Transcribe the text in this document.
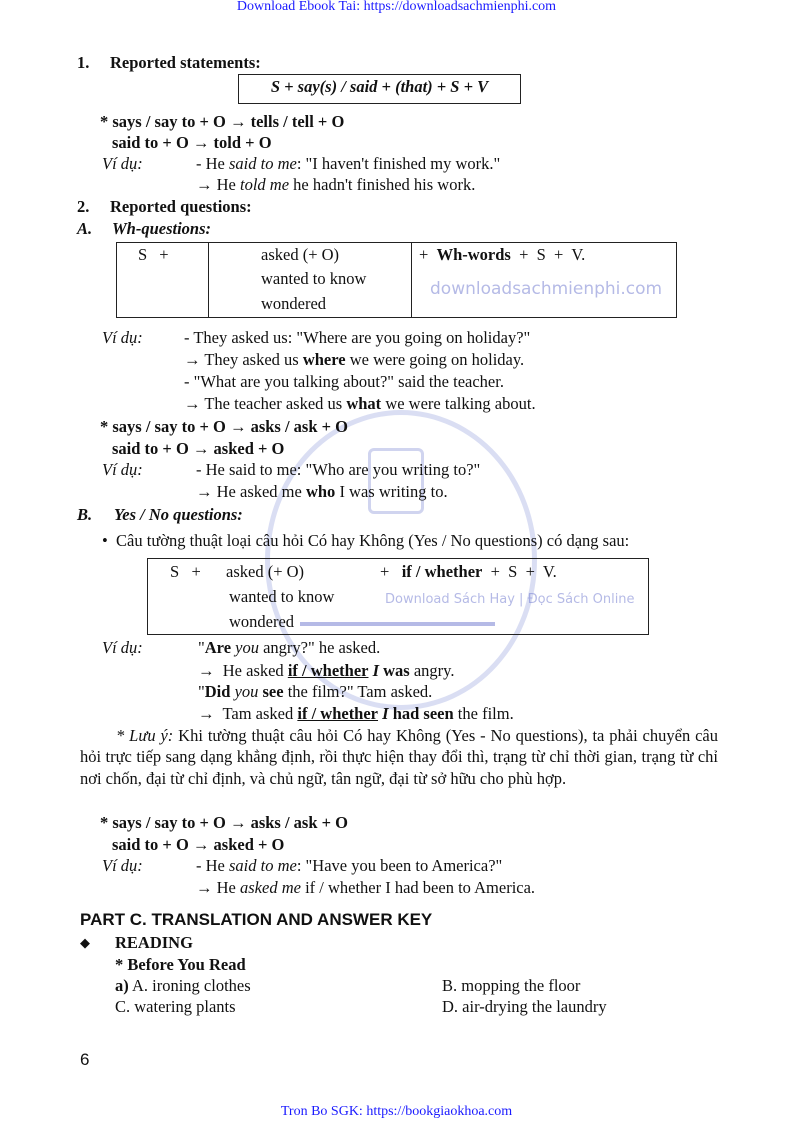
downloadsachmienphi.com
Download Sách Hay | Đọc Sách Online
Download Ebook Tai: https://downloadsachmienphi.com
1. Reported statements:
S + say(s) / said + (that) + S + V
* says / say to + O → tells / tell + O
said to + O → told + O
Ví dụ:	- He said to me: "I haven't finished my work."
→ He told me he hadn't finished his work.
2. Reported questions:
A. Wh-questions:
S +	asked (+ O)
wanted to know
wondered
+  Wh-words  +  S  +  V.
Ví dụ: - They asked us: "Where are you going on holiday?"
→ They asked us where we were going on holiday.
- "What are you talking about?" said the teacher.
→ The teacher asked us what we were talking about.
* says / say to + O → asks / ask + O
said to + O → asked + O
Ví dụ:	- He said to me: "Who are you writing to?"
→ He asked me who I was writing to.
B. Yes / No questions:
•  Câu tường thuật loại câu hỏi Có hay Không (Yes / No questions) có dạng sau:
S   + asked (+ O)
wanted to know
wondered
+   if / whether  +  S  +  V.
Ví dụ:	"Are you angry?" he asked.
→  He asked if / whether I was angry.
"Did you see the film?" Tam asked.
→  Tam asked if / whether I had seen the film.
* Lưu ý: Khi tường thuật câu hỏi Có hay Không (Yes - No questions), ta phải chuyển câu hỏi trực tiếp sang dạng khẳng định, rồi thực hiện thay đổi thì, trạng từ chỉ thời gian, trạng từ chỉ nơi chốn, đại từ chỉ định, và chủ ngữ, tân ngữ, đại từ sở hữu cho phù hợp.
* says / say to + O → asks / ask + O
said to + O → asked + O
Ví dụ:	- He said to me: "Have you been to America?"
→ He asked me if / whether I had been to America.
PART C. TRANSLATION AND ANSWER KEY
◆ READING
* Before You Read
a) A. ironing clothes	B. mopping the floor
C. watering plants	D. air-drying the laundry
6
Tron Bo SGK: https://bookgiaokhoa.com
